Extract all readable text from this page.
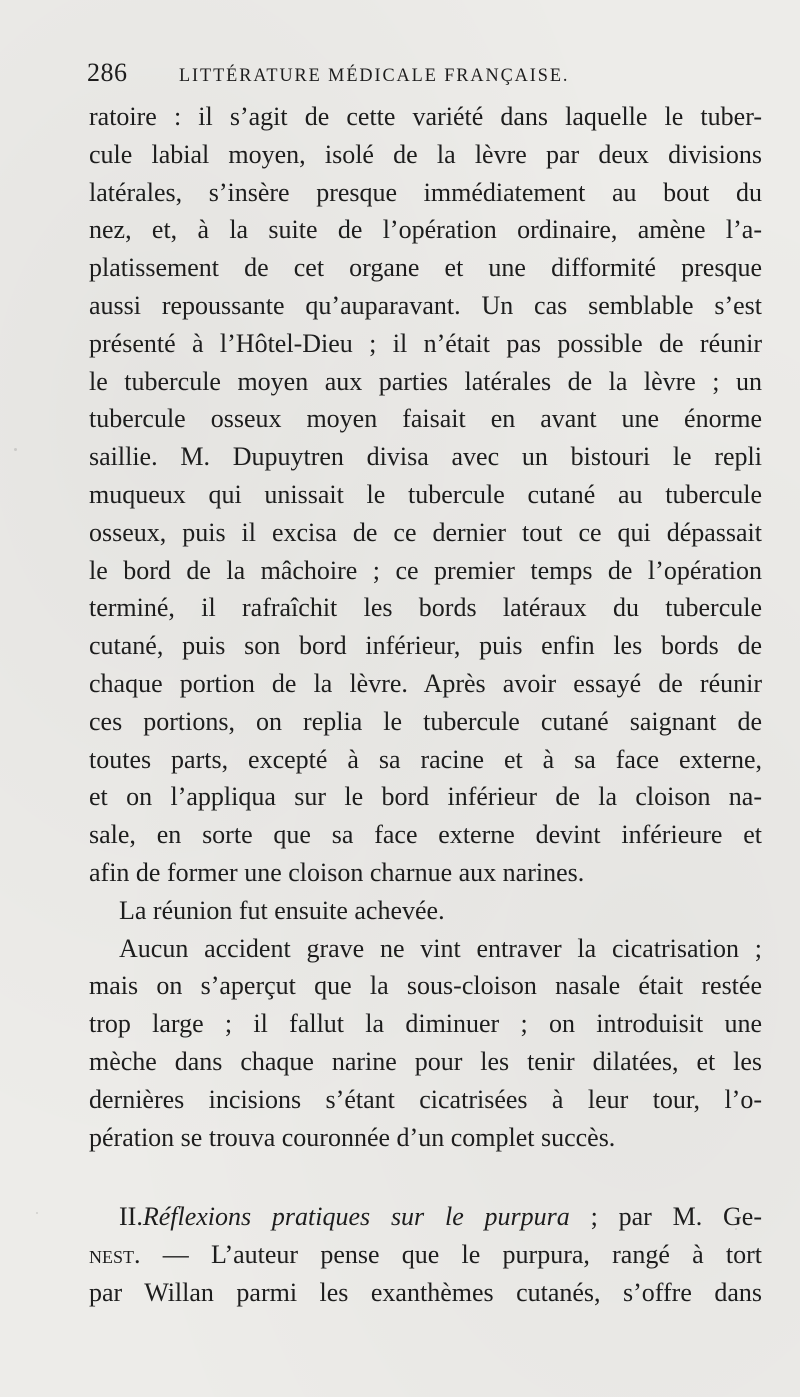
286	LITTÉRATURE MÉDICALE FRANÇAISE.
ratoire : il s’agit de cette variété dans laquelle le tuber-
cule labial moyen, isolé de la lèvre par deux divisions
latérales, s’insère presque immédiatement au bout du
nez, et, à la suite de l’opération ordinaire, amène l’a-
platissement de cet organe et une difformité presque
aussi repoussante qu’auparavant. Un cas semblable s’est
présenté à l’Hôtel-Dieu ; il n’était pas possible de réunir
le tubercule moyen aux parties latérales de la lèvre ; un
tubercule osseux moyen faisait en avant une énorme
saillie. M. Dupuytren divisa avec un bistouri le repli
muqueux qui unissait le tubercule cutané au tubercule
osseux, puis il excisa de ce dernier tout ce qui dépassait
le bord de la mâchoire ; ce premier temps de l’opération
terminé, il rafraîchit les bords latéraux du tubercule
cutané, puis son bord inférieur, puis enfin les bords de
chaque portion de la lèvre. Après avoir essayé de réunir
ces portions, on replia le tubercule cutané saignant de
toutes parts, excepté à sa racine et à sa face externe,
et on l’appliqua sur le bord inférieur de la cloison na-
sale, en sorte que sa face externe devint inférieure et
afin de former une cloison charnue aux narines.
La réunion fut ensuite achevée.
Aucun accident grave ne vint entraver la cicatrisation ;
mais on s’aperçut que la sous-cloison nasale était restée
trop large ; il fallut la diminuer ; on introduisit une
mèche dans chaque narine pour les tenir dilatées, et les
dernières incisions s’étant cicatrisées à leur tour, l’o-
pération se trouva couronnée d’un complet succès.
II.Réflexions pratiques sur le purpura ; par M. Ge-
nest. — L’auteur pense que le purpura, rangé à tort
par Willan parmi les exanthèmes cutanés, s’offre dans
